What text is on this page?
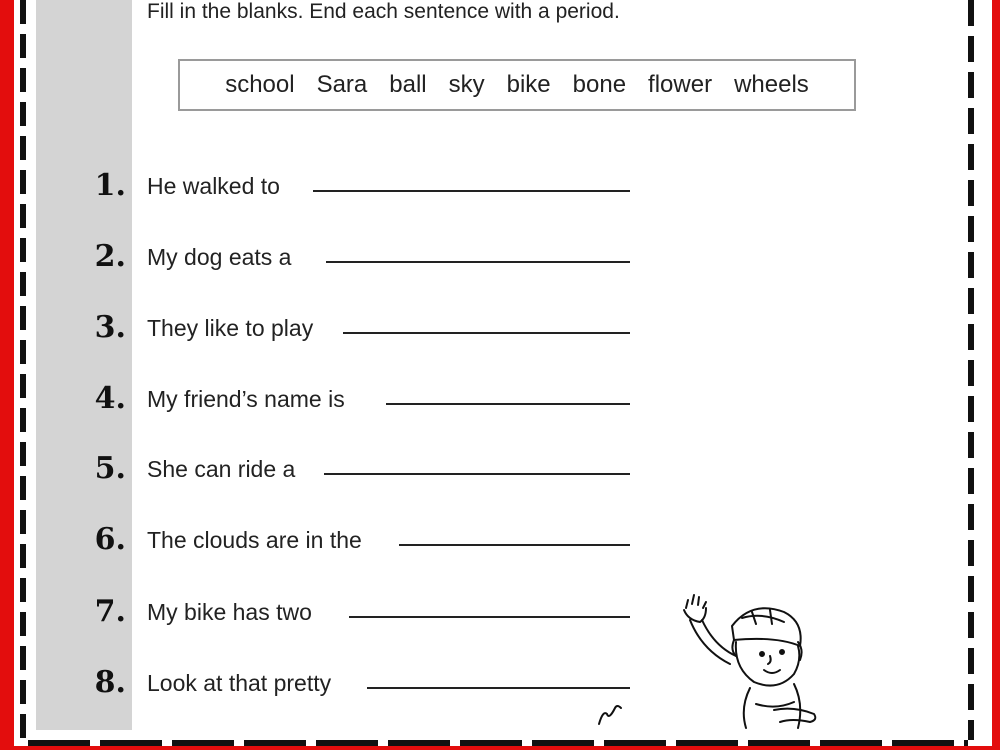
Fill in the blanks. End each sentence with a period.
school Sara ball sky bike bone flower wheels
1. He walked to
2. My dog eats a
3. They like to play
4. My friend’s name is
5. She can ride a
6. The clouds are in the
7. My bike has two
8. Look at that pretty
